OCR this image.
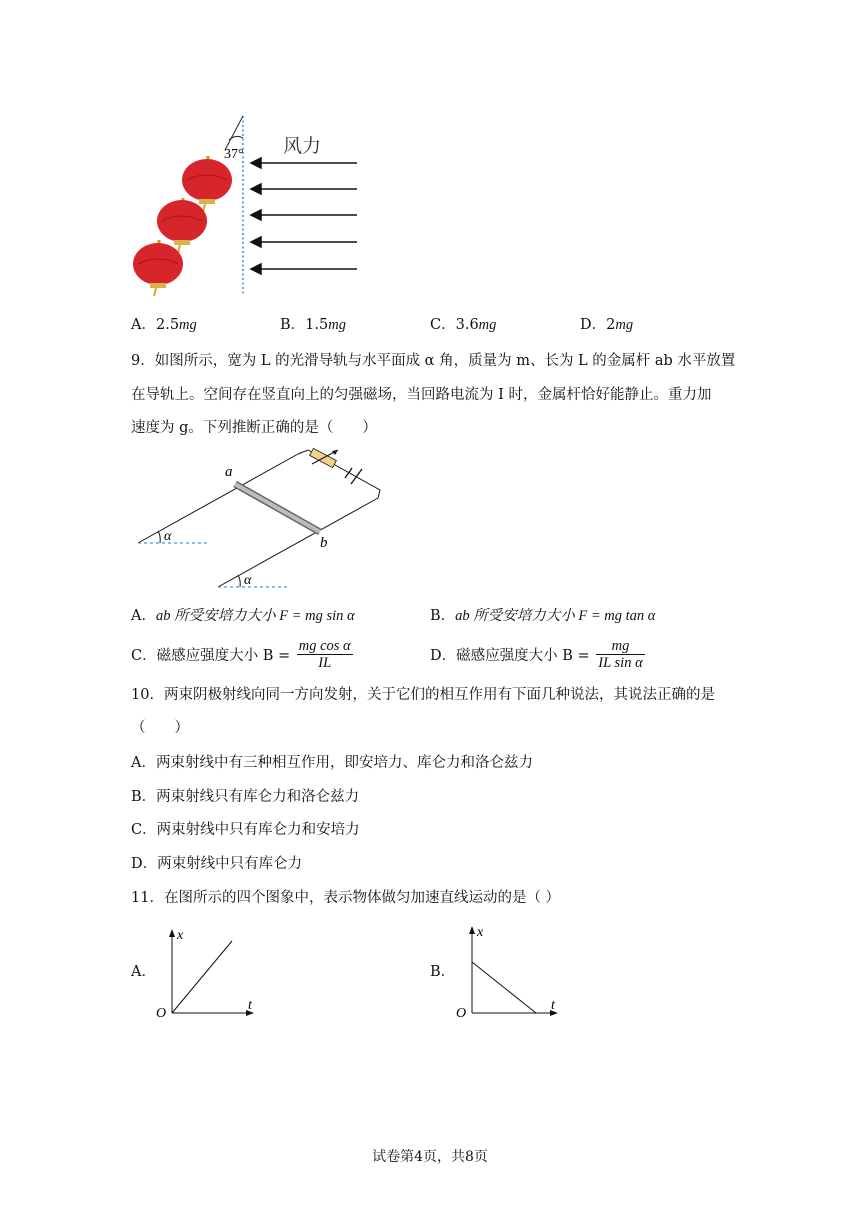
37° 风力
A．2.5mg	B．1.5mg	C．3.6mg	D．2mg
9．如图所示，宽为 L 的光滑导轨与水平面成 α 角，质量为 m、长为 L 的金属杆 ab 水平放置
在导轨上。空间存在竖直向上的匀强磁场，当回路电流为 I 时，金属杆恰好能静止。重力加
速度为 g。下列推断正确的是（　　）
a
b
α
α
A．ab 所受安培力大小 F = mg sin α	B．ab 所受安培力大小 F = mg tan α
C．磁感应强度大小 $B = \frac{\text{mg cos α}}{IL}$	D．磁感应强度大小 $B = \frac{mg}{\text{IL sin α}}$
10．两束阴极射线向同一方向发射，关于它们的相互作用有下面几种说法，其说法正确的是
（　　）
A．两束射线中有三种相互作用，即安培力、库仑力和洛仑兹力
B．两束射线只有库仑力和洛仑兹力
C．两束射线中只有库仑力和安培力
D．两束射线中只有库仑力
11．在图所示的四个图象中，表示物体做匀加速直线运动的是（ ）
A．
x
t
O
B．
x
t
O
试卷第4页，共8页
